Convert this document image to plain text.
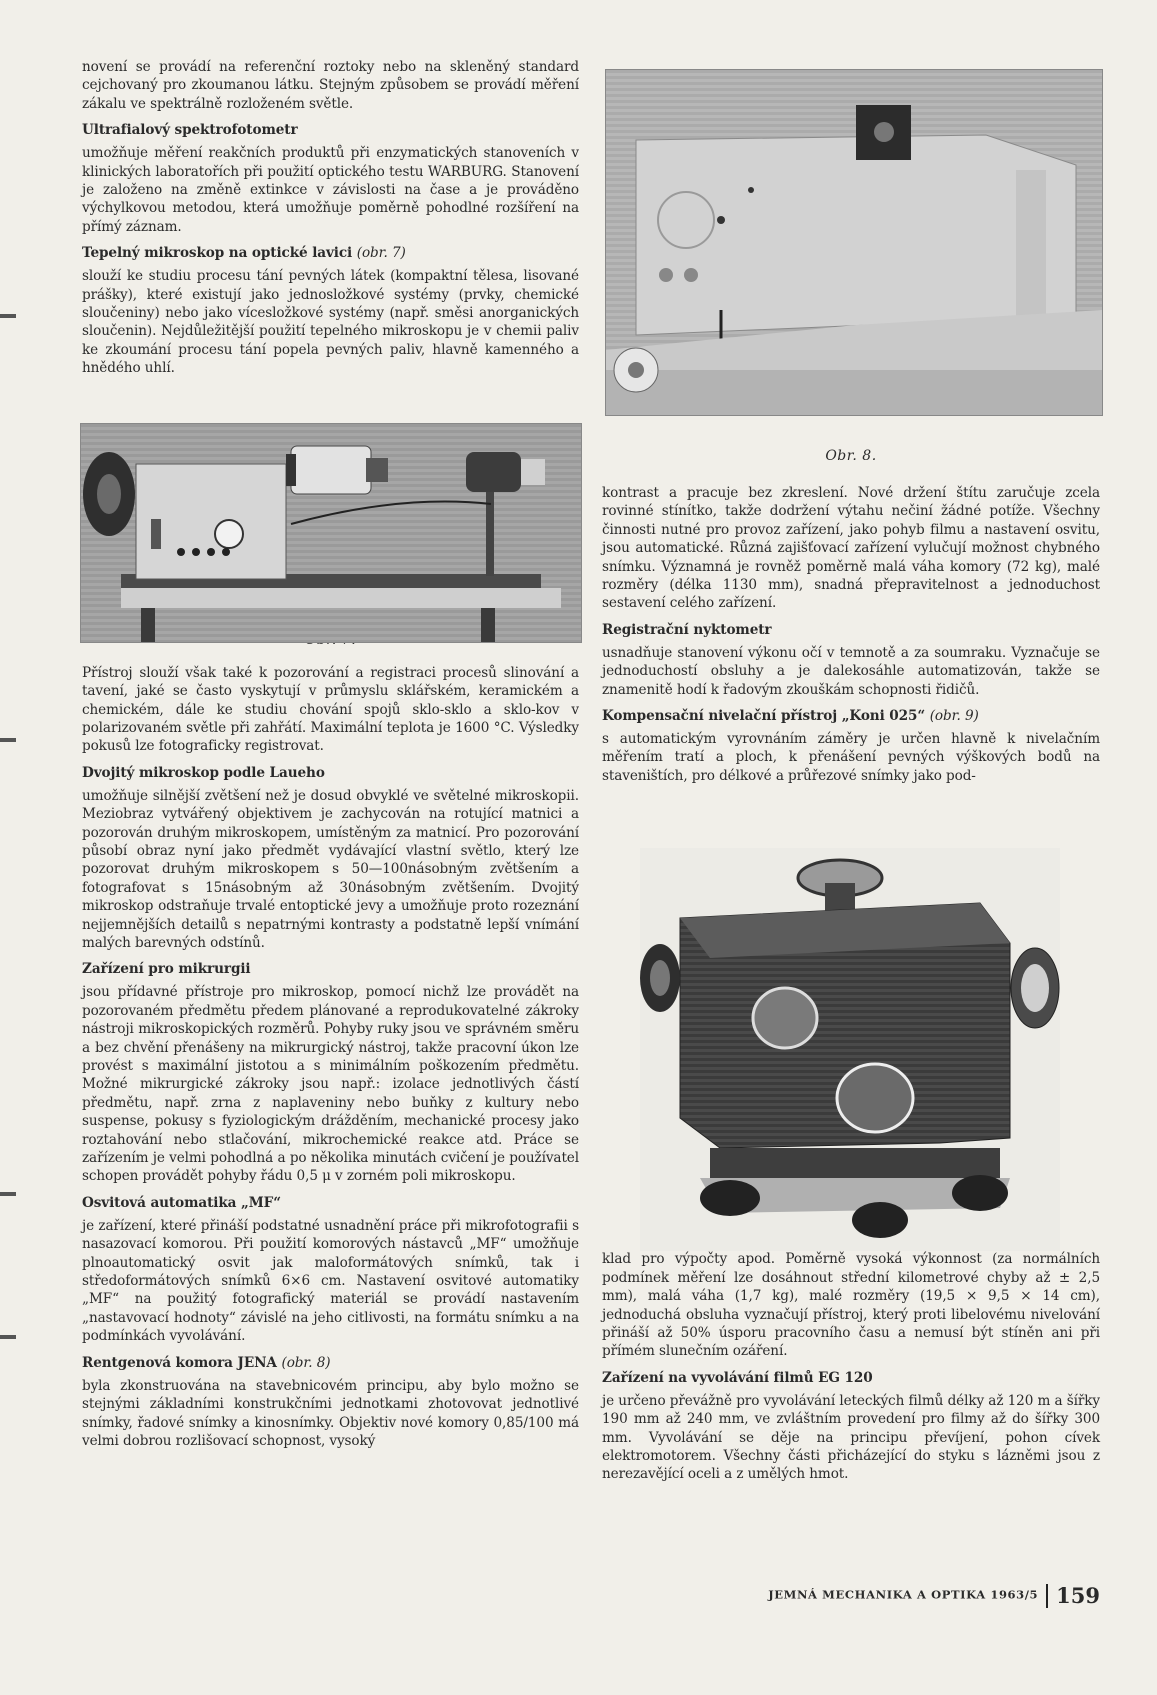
novení se provádí na referenční roztoky nebo na skleněný standard cejchovaný pro zkoumanou látku. Stejným způsobem se provádí měření zákalu ve spektrálně rozloženém světle.

Ultrafialový spektrofotometr

umožňuje měření reakčních produktů při enzymatických stanoveních v klinických laboratořích při použití optického testu WARBURG. Stanovení je založeno na změně extinkce v závislosti na čase a je prováděno výchylkovou metodou, která umožňuje poměrně pohodlné rozšíření na přímý záznam.

Tepelný mikroskop na optické lavici (obr. 7)

slouží ke studiu procesu tání pevných látek (kompaktní tělesa, lisované prášky), které existují jako jednosložkové systémy (prvky, chemické sloučeniny) nebo jako vícesložkové systémy (např. směsi anorganických sloučenin). Nejdůležitější použití tepelného mikroskopu je v chemii paliv ke zkoumání procesu tání popela pevných paliv, hlavně kamenného a hnědého uhlí.

Přístroj slouží však také k pozorování a registraci procesů slinování a tavení, jaké se často vyskytují v průmyslu sklářském, keramickém a chemickém, dále ke studiu chování spojů sklo-sklo a sklo-kov v polarizovaném světle při zahřátí. Maximální teplota je 1600 °C. Výsledky pokusů lze fotograficky registrovat.

Dvojitý mikroskop podle Laueho

umožňuje silnější zvětšení než je dosud obvyklé ve světelné mikroskopii. Meziobraz vytvářený objektivem je zachycován na rotující matnici a pozorován druhým mikroskopem, umístěným za matnicí. Pro pozorování působí obraz nyní jako předmět vydávající vlastní světlo, který lze pozorovat druhým mikroskopem s 50—100násobným zvětšením a fotografovat s 15násobným až 30násobným zvětšením. Dvojitý mikroskop odstraňuje trvalé entoptické jevy a umožňuje proto rozeznání nejjemnějších detailů s nepatrnými kontrasty a podstatně lepší vnímání malých barevných odstínů.

Zařízení pro mikrurgii

jsou přídavné přístroje pro mikroskop, pomocí nichž lze provádět na pozorovaném předmětu předem plánované a reprodukovatelné zákroky nástroji mikroskopických rozměrů. Pohyby ruky jsou ve správném směru a bez chvění přenášeny na mikrurgický nástroj, takže pracovní úkon lze provést s maximální jistotou a s minimálním poškozením předmětu. Možné mikrurgické zákroky jsou např.: izolace jednotlivých částí předmětu, např. zrna z naplaveniny nebo buňky z kultury nebo suspense, pokusy s fyziologickým drážděním, mechanické procesy jako roztahování nebo stlačování, mikrochemické reakce atd. Práce se zařízením je velmi pohodlná a po několika minutách cvičení je používatel schopen provádět pohyby řádu 0,5 μ v zorném poli mikroskopu.

Osvitová automatika „MF“

je zařízení, které přináší podstatné usnadnění práce při mikrofotografii s nasazovací komorou. Při použití komorových nástavců „MF“ umožňuje plnoautomatický osvit jak maloformátových snímků, tak i středoformátových snímků 6×6 cm. Nastavení osvitové automatiky „MF“ na použitý fotografický materiál se provádí nastavením „nastavovací hodnoty“ závislé na jeho citlivosti, na formátu snímku a na podmínkách vyvolávání.

Rentgenová komora JENA (obr. 8)

byla zkonstruována na stavebnicovém principu, aby bylo možno se stejnými základními konstrukčními jednotkami zhotovovat jednotlivé snímky, řadové snímky a kinosnímky. Objektiv nové komory 0,85/100 má velmi dobrou rozlišovací schopnost, vysoký

Obr. 8.

kontrast a pracuje bez zkreslení. Nové držení štítu zaručuje zcela rovinné stínítko, takže dodržení výtahu nečiní žádné potíže. Všechny činnosti nutné pro provoz zařízení, jako pohyb filmu a nastavení osvitu, jsou automatické. Různá zajišťovací zařízení vylučují možnost chybného snímku. Významná je rovněž poměrně malá váha komory (72 kg), malé rozměry (délka 1130 mm), snadná přepravitelnost a jednoduchost sestavení celého zařízení.

Registrační nyktometr

usnadňuje stanovení výkonu očí v temnotě a za soumraku. Vyznačuje se jednoduchostí obsluhy a je dalekosáhle automatizován, takže se znamenitě hodí k řadovým zkouškám schopnosti řidičů.

Kompensační nivelační přístroj „Koni 025“ (obr. 9)

s automatickým vyrovnáním záměry je určen hlavně k nivelačním měřením tratí a ploch, k přenášení pevných výškových bodů na staveništích, pro délkové a průřezové snímky jako pod-

klad pro výpočty apod. Poměrně vysoká výkonnost (za normálních podmínek měření lze dosáhnout střední kilometrové chyby až ± 2,5 mm), malá váha (1,7 kg), malé rozměry (19,5 × 9,5 × 14 cm), jednoduchá obsluha vyznačují přístroj, který proti libelovému nivelování přináší až 50% úsporu pracovního času a nemusí být stíněn ani při přímém slunečním ozáření.

Zařízení na vyvolávání filmů EG 120

je určeno převážně pro vyvolávání leteckých filmů délky až 120 m a šířky 190 mm až 240 mm, ve zvláštním provedení pro filmy až do šířky 300 mm. Vyvolávání se děje na principu převíjení, pohon cívek elektromotorem. Všechny části přicházející do styku s lázněmi jsou z nerezavějící oceli a z umělých hmot.

JEMNÁ MECHANIKA A OPTIKA 1963/5 159
